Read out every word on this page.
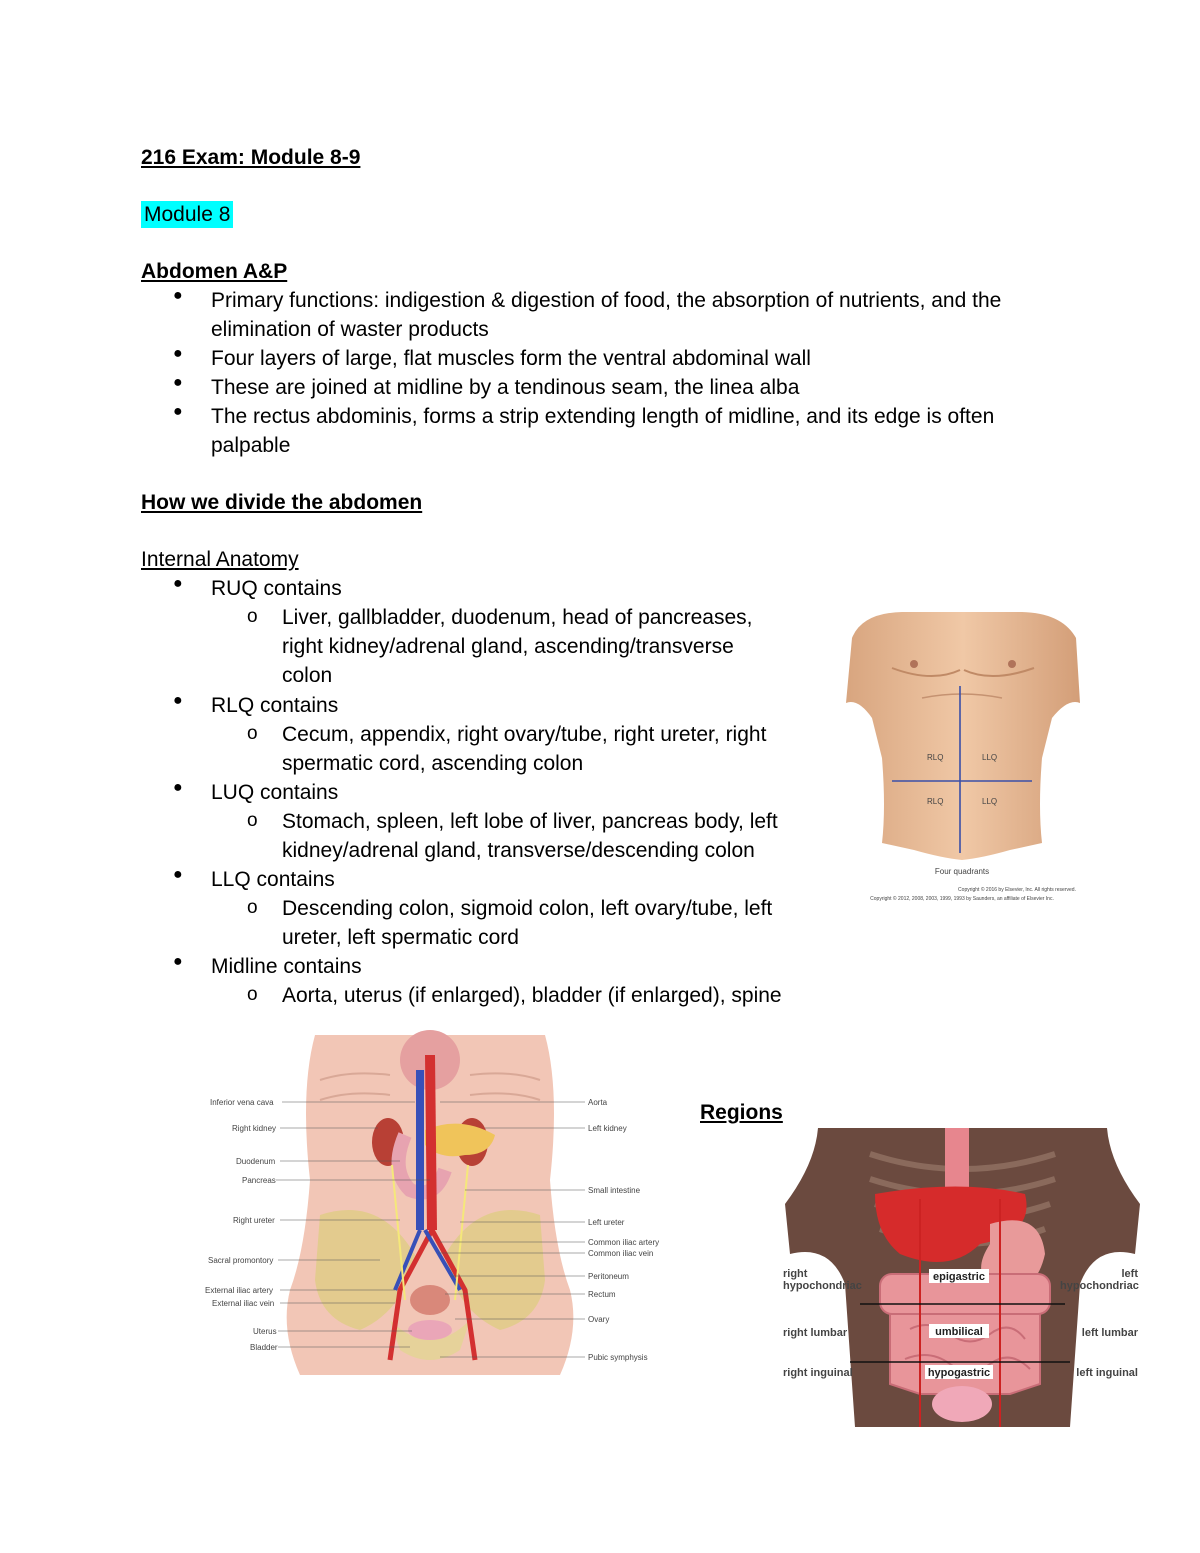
216 Exam: Module 8-9
Module 8
Abdomen A&P
● Primary functions: indigestion & digestion of food, the absorption of nutrients, and the
elimination of waster products
● Four layers of large, flat muscles form the ventral abdominal wall
● These are joined at midline by a tendinous seam, the linea alba
● The rectus abdominis, forms a strip extending length of midline, and its edge is often
palpable
How we divide the abdomen
Internal Anatomy
● RUQ contains
o Liver, gallbladder, duodenum, head of pancreases,
right kidney/adrenal gland, ascending/transverse
colon
● RLQ contains
o Cecum, appendix, right ovary/tube, right ureter, right
spermatic cord, ascending colon
● LUQ contains
o Stomach, spleen, left lobe of liver, pancreas body, left
kidney/adrenal gland, transverse/descending colon
● LLQ contains
o Descending colon, sigmoid colon, left ovary/tube, left
ureter, left spermatic cord
● Midline contains
o Aorta, uterus (if enlarged), bladder (if enlarged), spine
RLQ	LLQ
RLQ	LLQ
Four quadrants
Copyright © 2016 by Elsevier, Inc. All rights reserved.
Copyright © 2012, 2008, 2003, 1999, 1993 by Saunders, an affiliate of Elsevier Inc.
Inferior vena cava
Right kidney
Duodenum
Pancreas
Right ureter
Sacral promontory
External iliac artery
External iliac vein
Uterus
Bladder
Aorta
Left kidney
Small intestine
Left ureter
Common iliac artery
Common iliac vein
Peritoneum
Rectum
Ovary
Pubic symphysis
Regions
epigastric
umbilical
hypogastric
right
hypochondriac
right lumbar
right inguinal
left
hypochondriac
left lumbar
left inguinal
